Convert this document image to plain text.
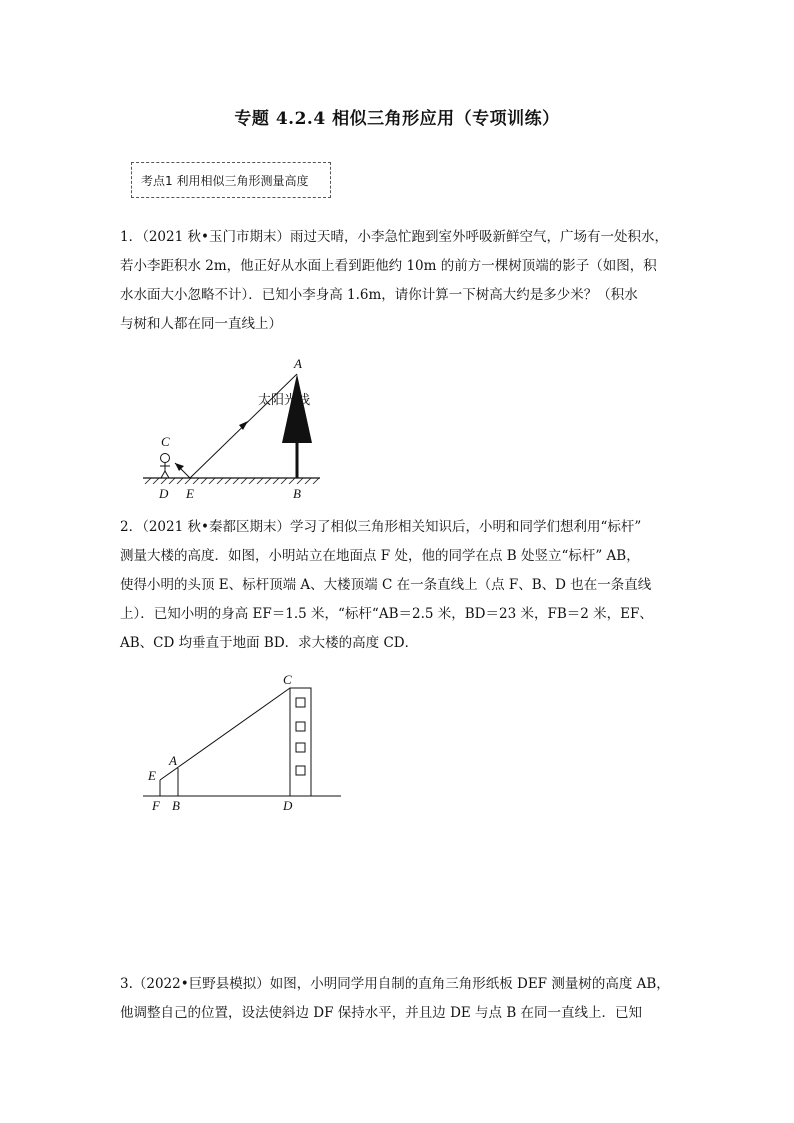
专题 4.2.4 相似三角形应用（专项训练）
考点1 利用相似三角形测量高度
1．（2021 秋•玉门市期末）雨过天晴，小李急忙跑到室外呼吸新鲜空气，广场有一处积水，
若小李距积水 2m，他正好从水面上看到距他约 10m 的前方一棵树顶端的影子（如图，积
水水面大小忽略不计）．已知小李身高 1.6m，请你计算一下树高大约是多少米？（积水
与树和人都在同一直线上）
太阳光线
A
B
C
D E
2．（2021 秋•秦都区期末）学习了相似三角形相关知识后，小明和同学们想利用“标杆”
测量大楼的高度．如图，小明站立在地面点 F 处，他的同学在点 B 处竖立“标杆” AB，
使得小明的头顶 E、标杆顶端 A、大楼顶端 C 在一条直线上（点 F、B、D 也在一条直线
上）．已知小明的身高 EF＝1.5 米，“标杆“AB＝2.5 米，BD＝23 米，FB＝2 米，EF、
AB、CD 均垂直于地面 BD．求大楼的高度 CD．
C
A
E
F B	D
3.（2022•巨野县模拟）如图，小明同学用自制的直角三角形纸板 DEF 测量树的高度 AB，
他调整自己的位置，设法使斜边 DF 保持水平，并且边 DE 与点 B 在同一直线上．已知
